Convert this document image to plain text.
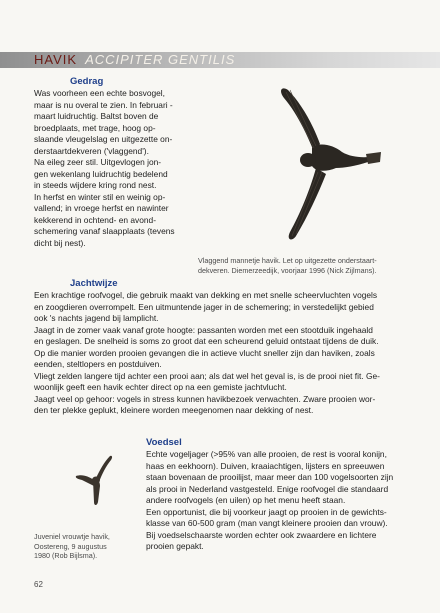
HAVIK ACCIPITER GENTILIS
Gedrag
Was voorheen een echte bosvogel,
maar is nu overal te zien. In februari -
maart luidruchtig. Baltst boven de
broedplaats, met trage, hoog op-
slaande vleugelslag en uitgezette on-
derstaartdekveren ('vlaggend').
Na eileg zeer stil. Uitgevlogen jon-
gen wekenlang luidruchtig bedelend
in steeds wijdere kring rond nest.
In herfst en winter stil en weinig op-
vallend; in vroege herfst en nawinter
kekkerend in ochtend- en avond-
schemering vanaf slaapplaats (tevens
dicht bij nest).
Vlaggend mannetje havik. Let op uitgezette onderstaart-
dekveren. Diemerzeedijk, voorjaar 1996 (Nick Zijlmans).
Jachtwijze
Een krachtige roofvogel, die gebruik maakt van dekking en met snelle scheervluchten vogels
en zoogdieren overrompelt. Een uitmuntende jager in de schemering; in verstedelijkt gebied
ook 's nachts jagend bij lamplicht.
Jaagt in de zomer vaak vanaf grote hoogte: passanten worden met een stootduik ingehaald
en geslagen. De snelheid is soms zo groot dat een scheurend geluid ontstaat tijdens de duik.
Op die manier worden prooien gevangen die in actieve vlucht sneller zijn dan haviken, zoals
eenden, steltlopers en postduiven.
Vliegt zelden langere tijd achter een prooi aan; als dat wel het geval is, is de prooi niet fit. Ge-
woonlijk geeft een havik echter direct op na een gemiste jachtvlucht.
Jaagt veel op gehoor: vogels in stress kunnen havikbezoek verwachten. Zware prooien wor-
den ter plekke geplukt, kleinere worden meegenomen naar dekking of nest.
Voedsel
Echte vogeljager (>95% van alle prooien, de rest is vooral konijn,
haas en eekhoorn). Duiven, kraaiachtigen, lijsters en spreeuwen
staan bovenaan de prooilijst, maar meer dan 100 vogelsoorten zijn
als prooi in Nederland vastgesteld. Enige roofvogel die standaard
andere roofvogels (en uilen) op het menu heeft staan.
Een opportunist, die bij voorkeur jaagt op prooien in de gewichts-
klasse van 60-500 gram (man vangt kleinere prooien dan vrouw).
Bij voedselschaarste worden echter ook zwaardere en lichtere
prooien gepakt.
Juveniel vrouwtje havik,
Oostereng, 9 augustus
1980 (Rob Bijlsma).
62
